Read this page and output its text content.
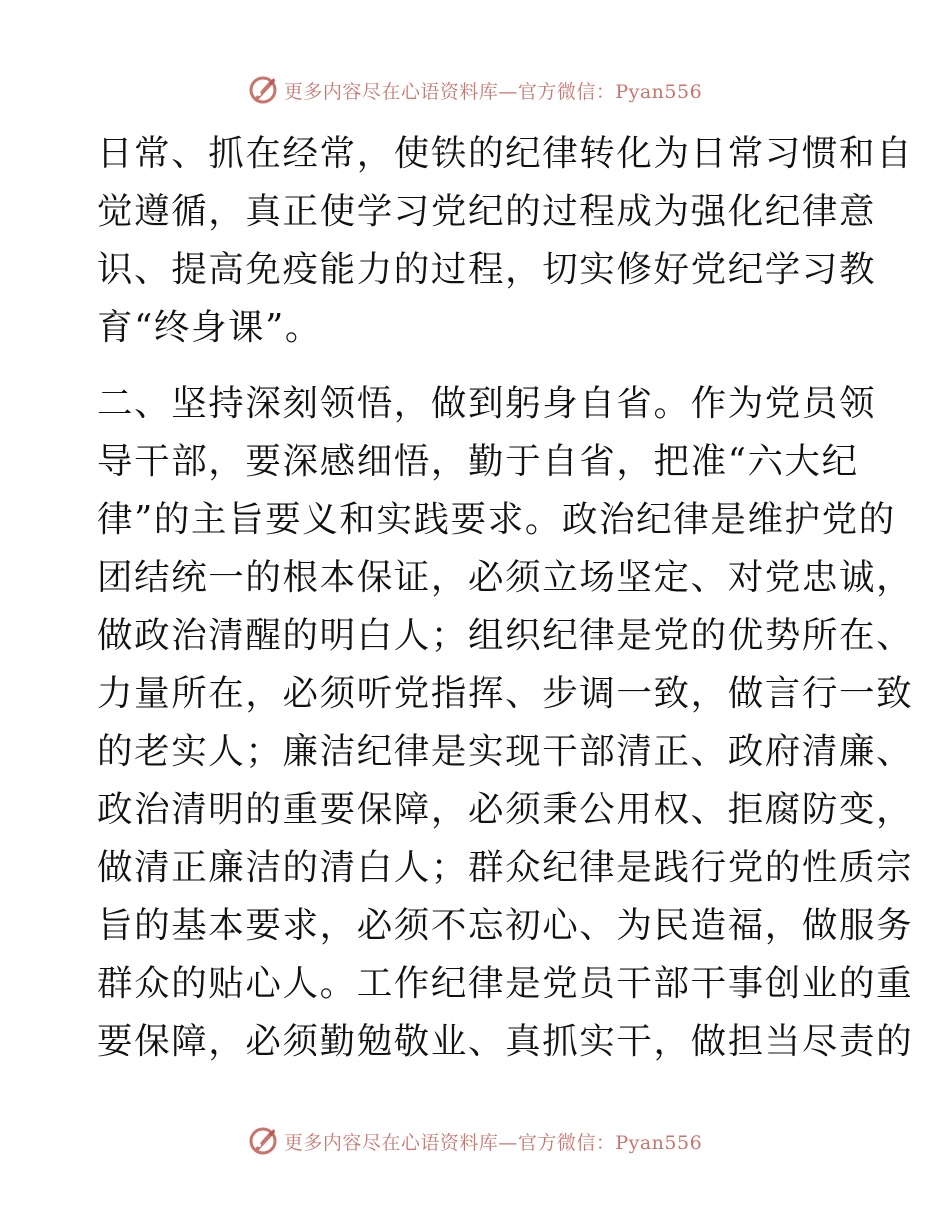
更多内容尽在心语资料库—官方微信：Pyan556
日常、抓在经常，使铁的纪律转化为日常习惯和自
觉遵循，真正使学习党纪的过程成为强化纪律意
识、提高免疫能力的过程，切实修好党纪学习教
育“终身课”。
二、坚持深刻领悟，做到躬身自省。作为党员领
导干部，要深感细悟，勤于自省，把准“六大纪
律”的主旨要义和实践要求。政治纪律是维护党的
团结统一的根本保证，必须立场坚定、对党忠诚，
做政治清醒的明白人；组织纪律是党的优势所在、
力量所在，必须听党指挥、步调一致，做言行一致
的老实人；廉洁纪律是实现干部清正、政府清廉、
政治清明的重要保障，必须秉公用权、拒腐防变，
做清正廉洁的清白人；群众纪律是践行党的性质宗
旨的基本要求，必须不忘初心、为民造福，做服务
群众的贴心人。工作纪律是党员干部干事创业的重
要保障，必须勤勉敬业、真抓实干，做担当尽责的
更多内容尽在心语资料库—官方微信：Pyan556
